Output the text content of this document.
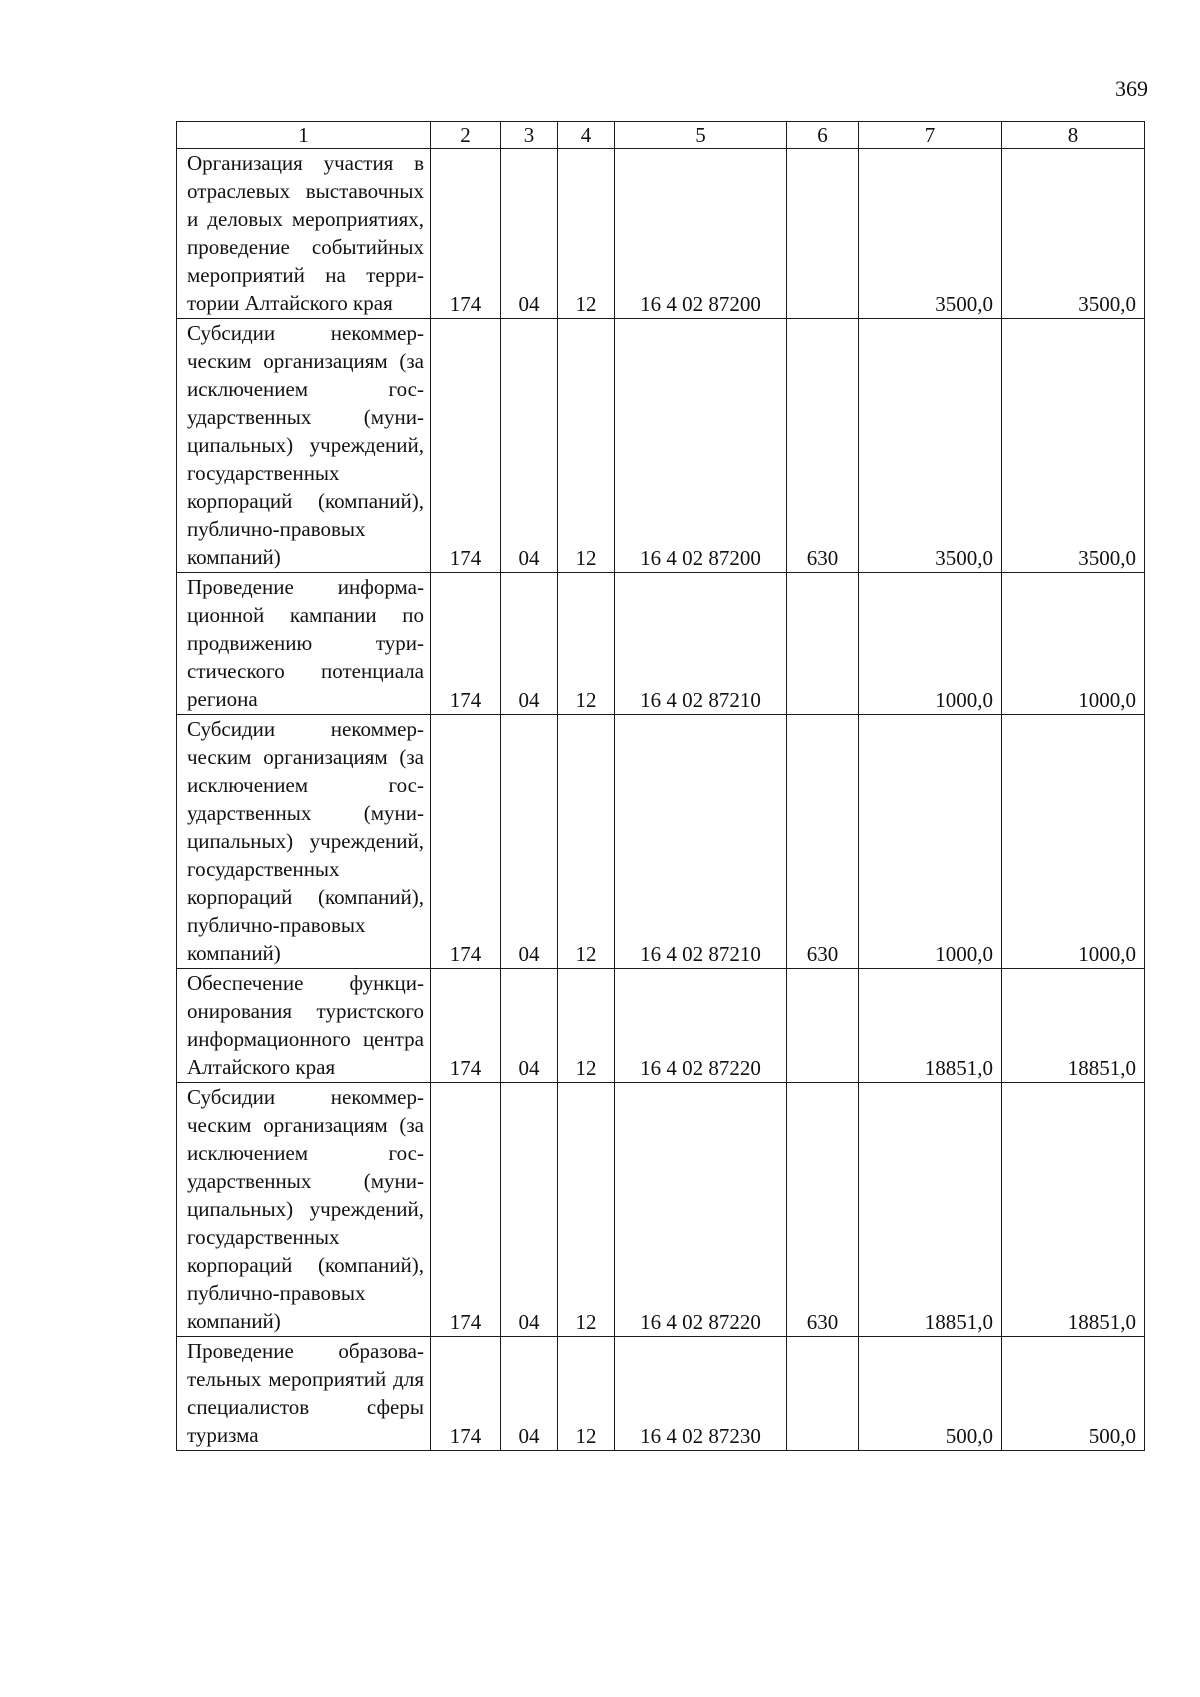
369
1	2	3	4	5	6	7	8
Организация участия в отраслевых выставочных и деловых мероприятиях, проведение событийных мероприятий на территории Алтайского края	174	04	12	16 4 02 87200		3500,0	3500,0
Субсидии некоммерческим организациям (за исключением государственных (муниципальных) учреждений, государственных корпораций (компаний), публично-правовых компаний)	174	04	12	16 4 02 87200	630	3500,0	3500,0
Проведение информационной кампании по продвижению туристического потенциала региона	174	04	12	16 4 02 87210		1000,0	1000,0
Субсидии некоммерческим организациям (за исключением государственных (муниципальных) учреждений, государственных корпораций (компаний), публично-правовых компаний)	174	04	12	16 4 02 87210	630	1000,0	1000,0
Обеспечение функционирования туристского информационного центра Алтайского края	174	04	12	16 4 02 87220		18851,0	18851,0
Субсидии некоммерческим организациям (за исключением государственных (муниципальных) учреждений, государственных корпораций (компаний), публично-правовых компаний)	174	04	12	16 4 02 87220	630	18851,0	18851,0
Проведение образовательных мероприятий для специалистов сферы туризма	174	04	12	16 4 02 87230		500,0	500,0
